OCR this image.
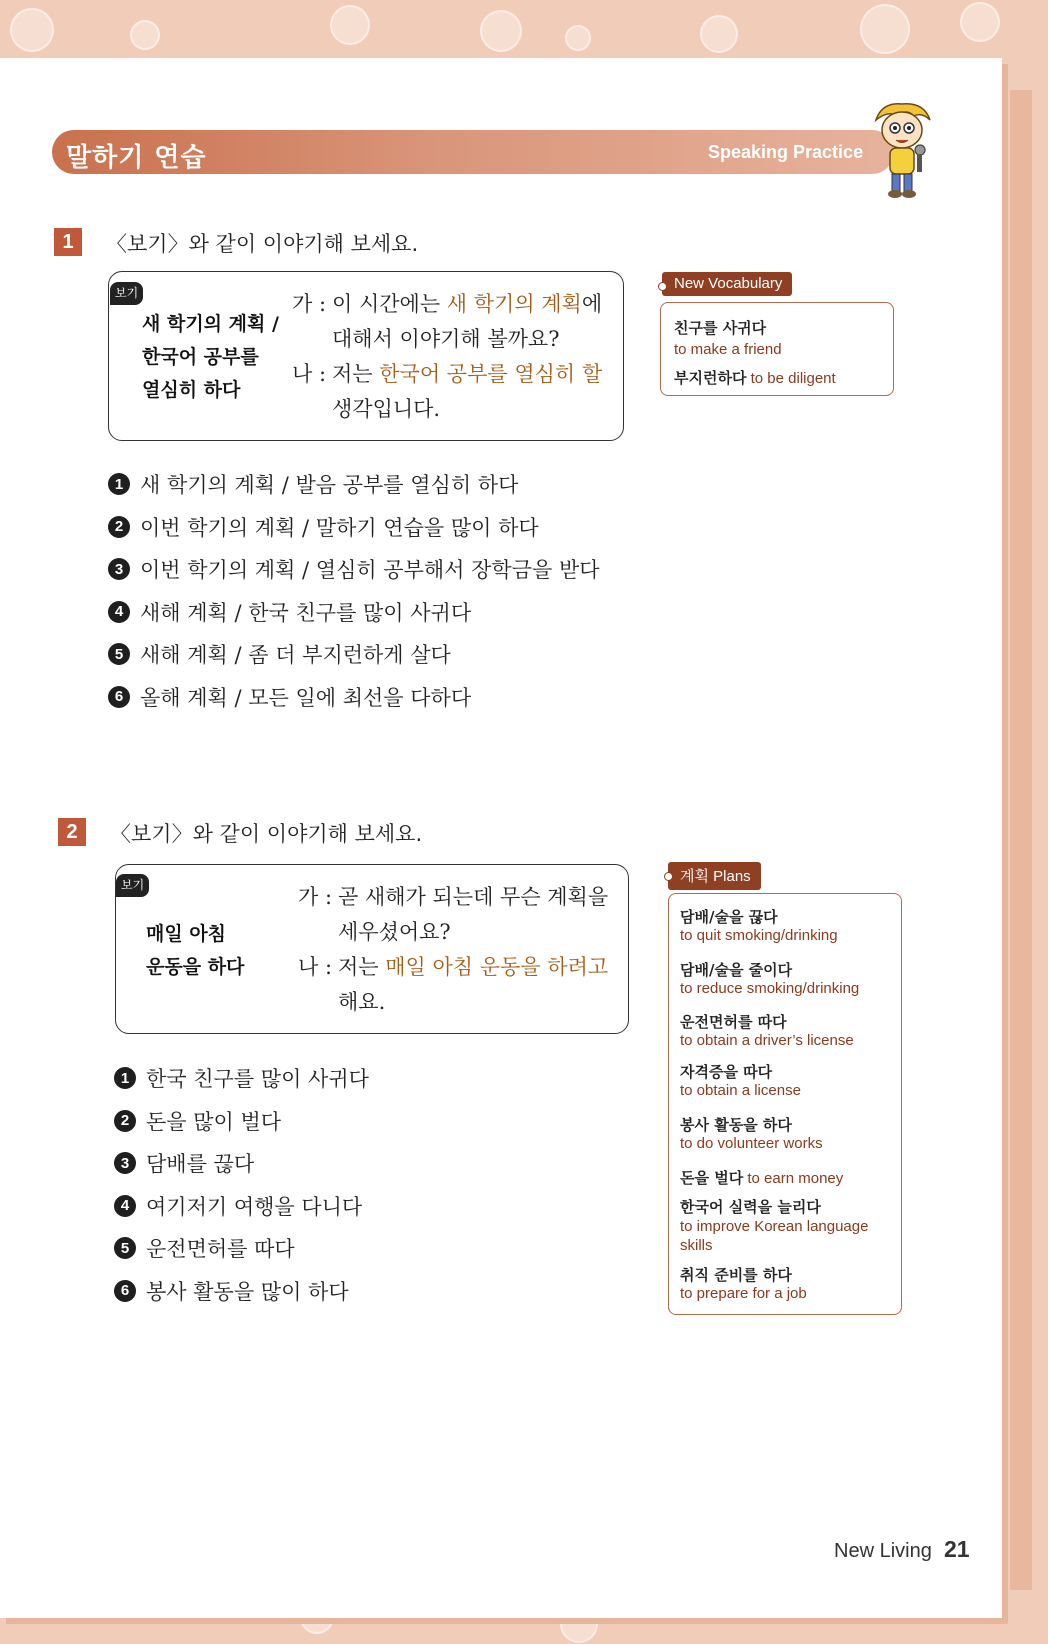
말하기 연습	Speaking Practice
1	〈보기〉와 같이 이야기해 보세요.
보기
새 학기의 계획 /
한국어 공부를
열심히 하다
가 : 이 시간에는 새 학기의 계획에
대해서 이야기해 볼까요?
나 : 저는 한국어 공부를 열심히 할
생각입니다.
1 새 학기의 계획 / 발음 공부를 열심히 하다
2 이번 학기의 계획 / 말하기 연습을 많이 하다
3 이번 학기의 계획 / 열심히 공부해서 장학금을 받다
4 새해 계획 / 한국 친구를 많이 사귀다
5 새해 계획 / 좀 더 부지런하게 살다
6 올해 계획 / 모든 일에 최선을 다하다
친구를 사귀다
to make a friend
부지런하다 to be diligent
New Vocabulary
2	〈보기〉와 같이 이야기해 보세요.
보기
매일 아침
운동을 하다
가 : 곧 새해가 되는데 무슨 계획을
세우셨어요?
나 : 저는 매일 아침 운동을 하려고
해요.
1 한국 친구를 많이 사귀다
2 돈을 많이 벌다
3 담배를 끊다
4 여기저기 여행을 다니다
5 운전면허를 따다
6 봉사 활동을 많이 하다
담배/술을 끊다
to quit smoking/drinking
담배/술을 줄이다
to reduce smoking/drinking
운전면허를 따다
to obtain a driver’s license
자격증을 따다
to obtain a license
봉사 활동을 하다
to do volunteer works
돈을 벌다 to earn money
한국어 실력을 늘리다
to improve Korean language skills
취직 준비를 하다
to prepare for a job
계획 Plans
New Living 21
